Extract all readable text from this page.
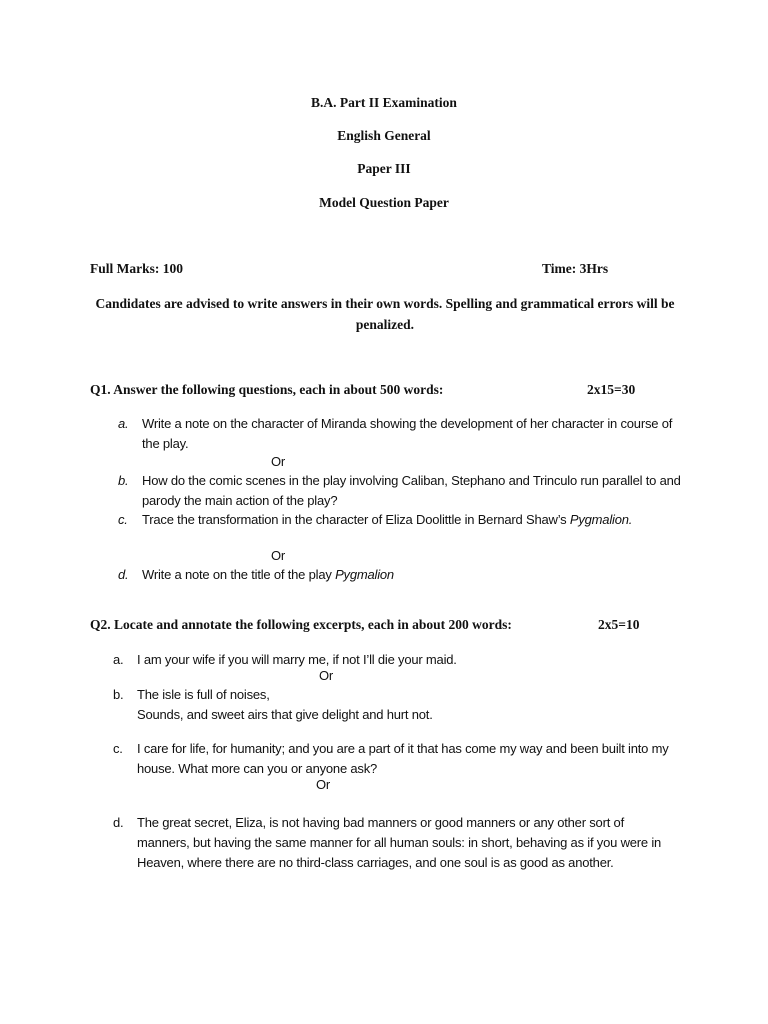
B.A. Part II Examination
English General
Paper III
Model Question Paper
Full Marks: 100	Time: 3Hrs
Candidates are advised to write answers in their own words. Spelling and grammatical errors will be penalized.
Q1. Answer the following questions, each in about 500 words:	2x15=30
a. Write a note on the character of Miranda showing the development of her character in course of the play.
Or
b. How do the comic scenes in the play involving Caliban, Stephano and Trinculo run parallel to and parody the main action of the play?
c. Trace the transformation in the character of Eliza Doolittle in Bernard Shaw’s Pygmalion.
Or
d. Write a note on the title of the play Pygmalion
Q2. Locate and annotate the following excerpts, each in about 200 words:	2x5=10
a. I am your wife if you will marry me, if not I’ll die your maid.
Or
b. The isle is full of noises,
Sounds, and sweet airs that give delight and hurt not.
c. I care for life, for humanity; and you are a part of it that has come my way and been built into my house. What more can you or anyone ask?
Or
d. The great secret, Eliza, is not having bad manners or good manners or any other sort of manners, but having the same manner for all human souls: in short, behaving as if you were in Heaven, where there are no third-class carriages, and one soul is as good as another.
